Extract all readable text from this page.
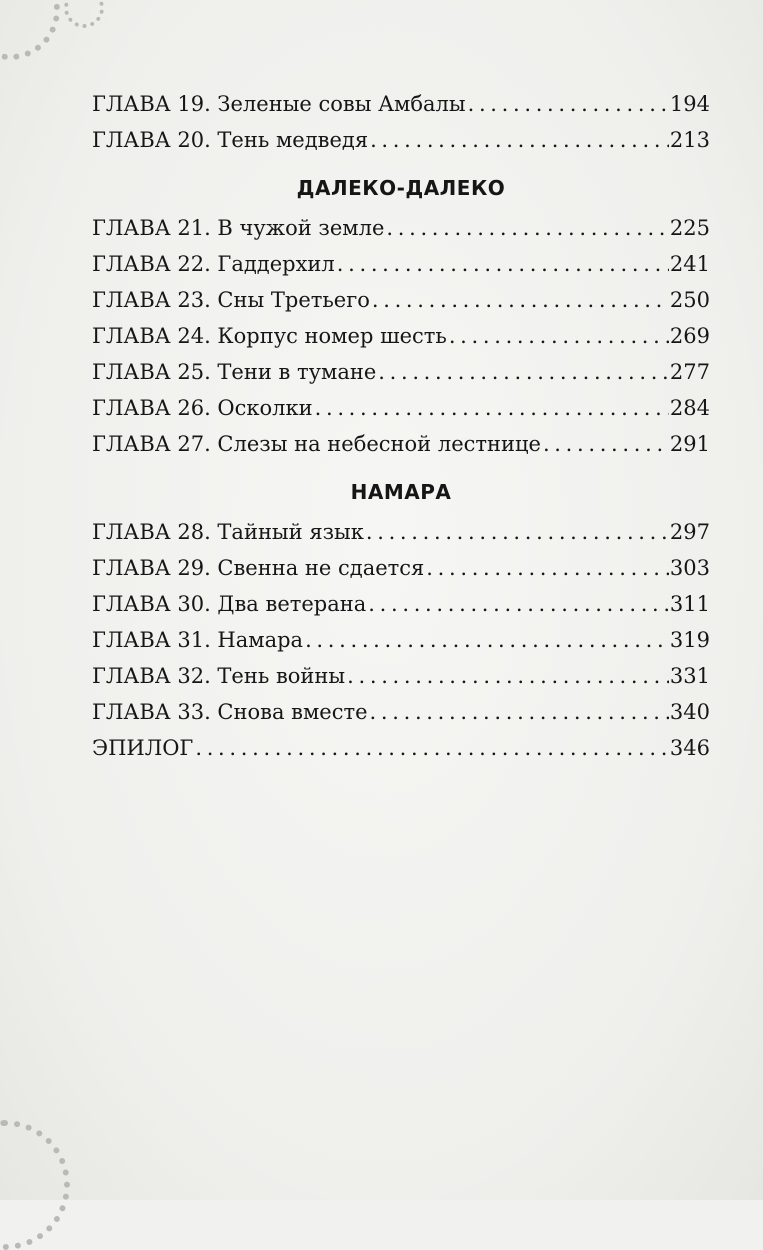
ГЛАВА 19. Зеленые совы Амбалы . . .	194
ГЛАВА 20. Тень медведя . . .	213
ДАЛЕКО-ДАЛЕКО
ГЛАВА 21. В чужой земле . . .	225
ГЛАВА 22. Гаддерхил . . .	241
ГЛАВА 23. Сны Третьего . . .	250
ГЛАВА 24. Корпус номер шесть . . .	269
ГЛАВА 25. Тени в тумане . . .	277
ГЛАВА 26. Осколки . . .	284
ГЛАВА 27. Слезы на небесной лестнице . . .	291
НАМАРА
ГЛАВА 28. Тайный язык . . .	297
ГЛАВА 29. Свенна не сдается . . .	303
ГЛАВА 30. Два ветерана . . .	311
ГЛАВА 31. Намара . . .	319
ГЛАВА 32. Тень войны . . .	331
ГЛАВА 33. Снова вместе . . .	340
ЭПИЛОГ . . .	346
